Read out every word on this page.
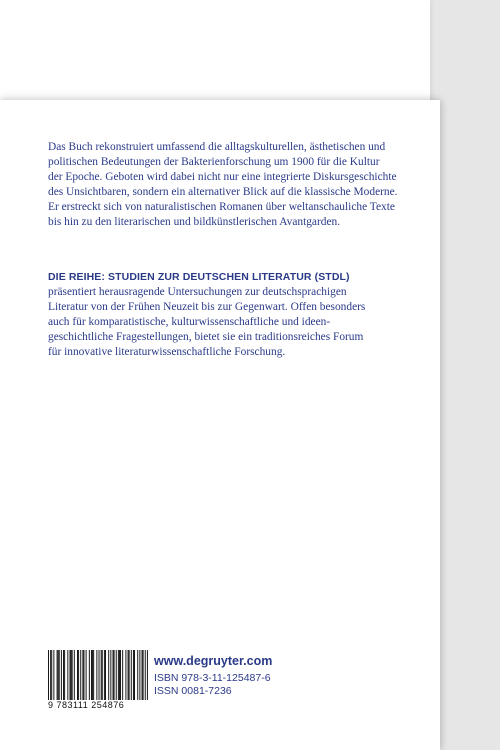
Das Buch rekonstruiert umfassend die alltagskulturellen, ästhetischen und

politischen Bedeutungen der Bakterienforschung um 1900 für die Kultur

der Epoche. Geboten wird dabei nicht nur eine integrierte Diskursgeschichte

des Unsichtbaren, sondern ein alternativer Blick auf die klassische Moderne.

Er erstreckt sich von naturalistischen Romanen über weltanschauliche Texte

bis hin zu den literarischen und bildkünstlerischen Avantgarden.

DIE REIHE: STUDIEN ZUR DEUTSCHEN LITERATUR (STDL)
präsentiert herausragende Untersuchungen zur deutschsprachigen
Literatur von der Frühen Neuzeit bis zur Gegenwart. Offen besonders
auch für komparatistische, kulturwissenschaftliche und ideen-
geschichtliche Fragestellungen, bietet sie ein traditionsreiches Forum
für innovative literaturwissenschaftliche Forschung.
9 783111 254876
www.degruyter.com
ISBN 978-3-11-125487-6
ISSN 0081-7236
